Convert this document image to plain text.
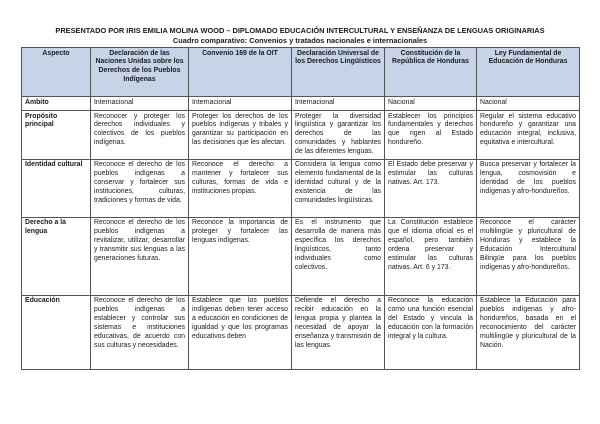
PRESENTADO POR IRIS EMILIA MOLINA WOOD – DIPLOMADO EDUCACIÓN INTERCULTURAL Y ENSEÑANZA DE LENGUAS ORIGINARIAS
Cuadro comparativo: Convenios y tratados nacionales e internacionales
Aspecto	Declaración de las Naciones Unidas sobre los Derechos de los Pueblos Indígenas	Convenio 169 de la OIT	Declaración Universal de los Derechos Lingüísticos	Constitución de la República de Honduras	Ley Fundamental de Educación de Honduras
Ámbito	Internacional	Internacional	Internacional	Nacional	Nacional
Propósito principal	Reconocer y proteger los derechos individuales y colectivos de los pueblos indígenas.	Proteger los derechos de los pueblos indígenas y tribales y garantizar su participación en las decisiones que les afectan.	Proteger la diversidad lingüística y garantizar los derechos de las comunidades y hablantes de las diferentes lenguas.	Establecer los principios fundamentales y derechos que rigen al Estado hondureño.	Regular el sistema educativo hondureño y garantizar una educación integral, inclusiva, equitativa e intercultural.
Identidad cultural	Reconoce el derecho de los pueblos indígenas a conservar y fortalecer sus instituciones, culturas, tradiciones y formas de vida.	Reconoce el derecho a mantener y fortalecer sus culturas, formas de vida e instituciones propias.	Considera la lengua como elemento fundamental de la identidad cultural y de la existencia de las comunidades lingüísticas.	El Estado debe preservar y estimular las culturas nativas. Art. 173.	Busca preservar y fortalecer la lengua, cosmovisión e identidad de los pueblos indígenas y afro-hondureños.
Derecho a la lengua	Reconoce el derecho de los pueblos indígenas a revitalizar, utilizar, desarrollar y transmitir sus lenguas a las generaciones futuras.	Reconoce la importancia de proteger y fortalecer las lenguas indígenas.	Es el instrumento que desarrolla de manera más específica los derechos lingüísticos, tanto individuales como colectivos.	La Constitución establece que el idioma oficial es el español, pero también ordena preservar y estimular las culturas nativas. Art. 6 y 173.	Reconoce el carácter multilingüe y pluricultural de Honduras y establece la Educación Intercultural Bilingüe para los pueblos indígenas y afro-hondureños.
Educación	Reconoce el derecho de los pueblos indígenas a establecer y controlar sus sistemas e instituciones educativas, de acuerdo con sus culturas y necesidades.	Establece que los pueblos indígenas deben tener acceso a educación en condiciones de igualdad y que los programas educativos deben	Defiende el derecho a recibir educación en la lengua propia y plantea la necesidad de apoyar la enseñanza y transmisión de las lenguas.	Reconoce la educación como una función esencial del Estado y vincula la educación con la formación integral y la cultura.	Establece la Educación para pueblos indígenas y afro-hondureños, basada en el reconocimiento del carácter multilingüe y pluricultural de la Nación.
